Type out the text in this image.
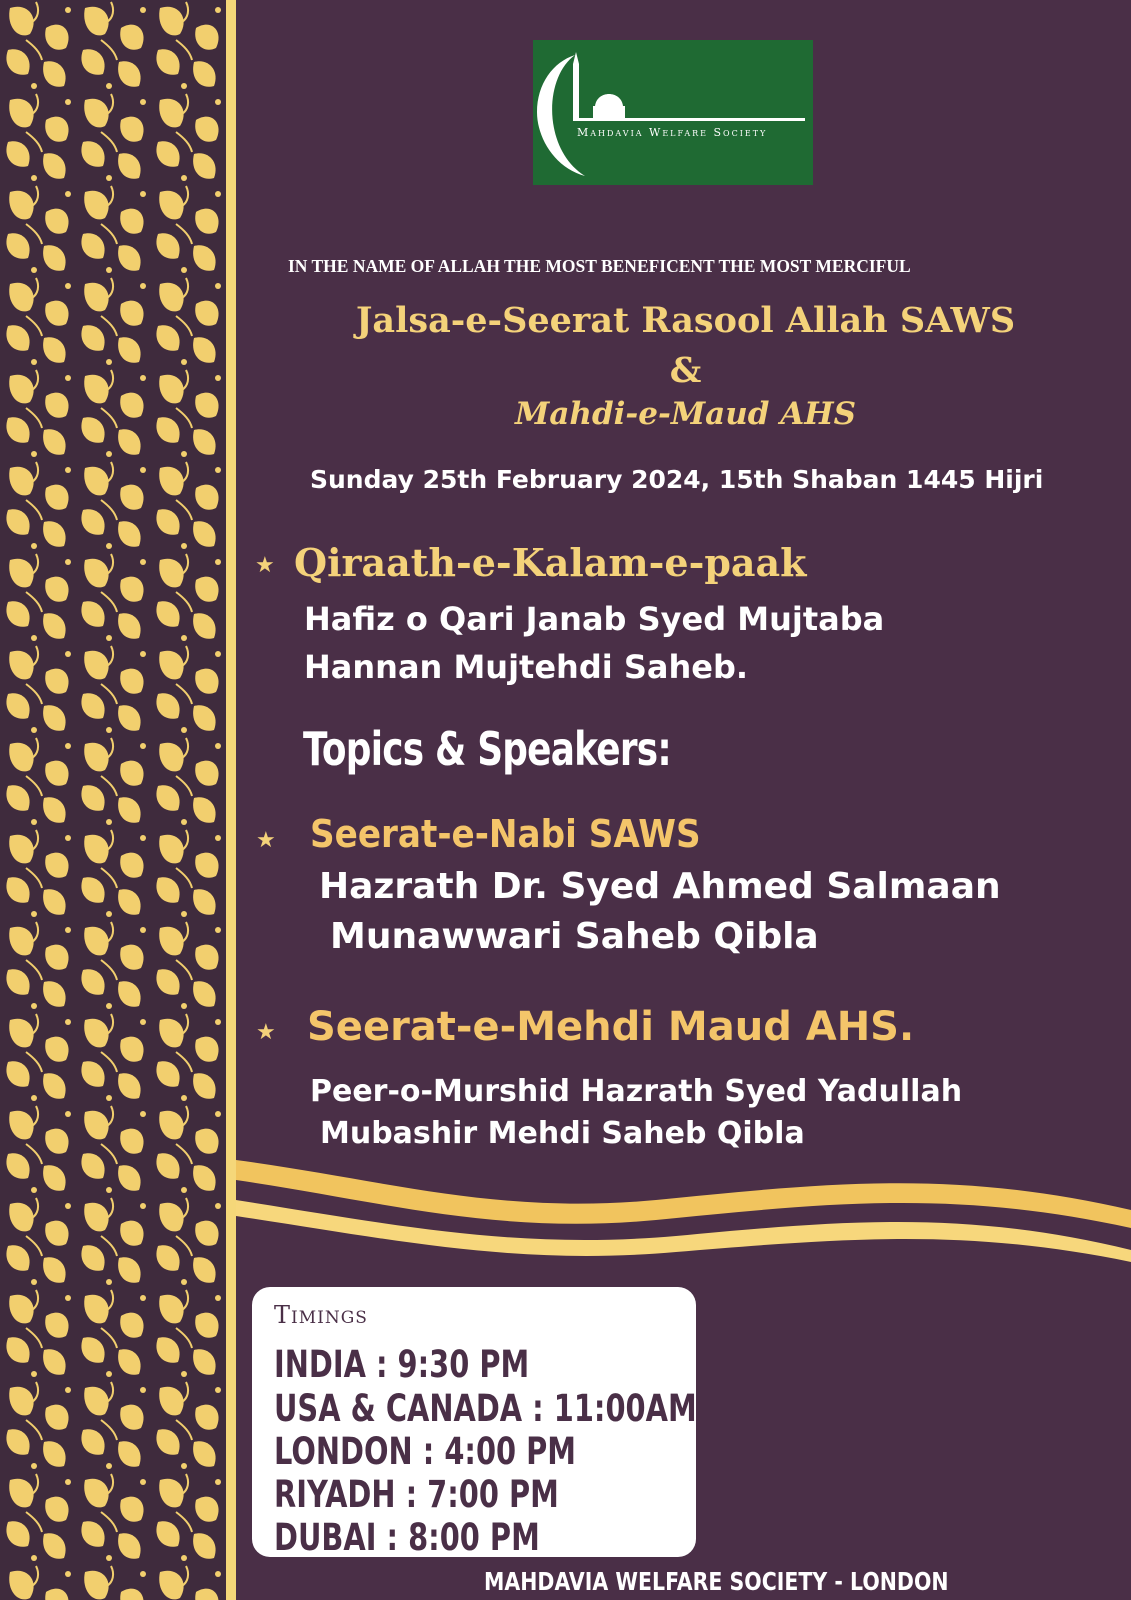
Mahdavia Welfare Society
IN THE NAME OF ALLAH THE MOST BENEFICENT THE MOST MERCIFUL
Jalsa-e-Seerat Rasool Allah SAWS
&
Mahdi-e-Maud AHS
Sunday 25th February 2024, 15th Shaban 1445 Hijri
★ Qiraath-e-Kalam-e-paak
Hafiz o Qari Janab Syed Mujtaba
Hannan Mujtehdi Saheb.
Topics & Speakers:
★ Seerat-e-Nabi SAWS
Hazrath Dr. Syed Ahmed Salmaan
Munawwari Saheb Qibla
★ Seerat-e-Mehdi Maud AHS.
Peer-o-Murshid Hazrath Syed Yadullah
Mubashir Mehdi Saheb Qibla
Timings
INDIA : 9:30 PM
USA & CANADA : 11:00AM
LONDON : 4:00 PM
RIYADH : 7:00 PM
DUBAI : 8:00 PM
MAHDAVIA WELFARE SOCIETY - LONDON
